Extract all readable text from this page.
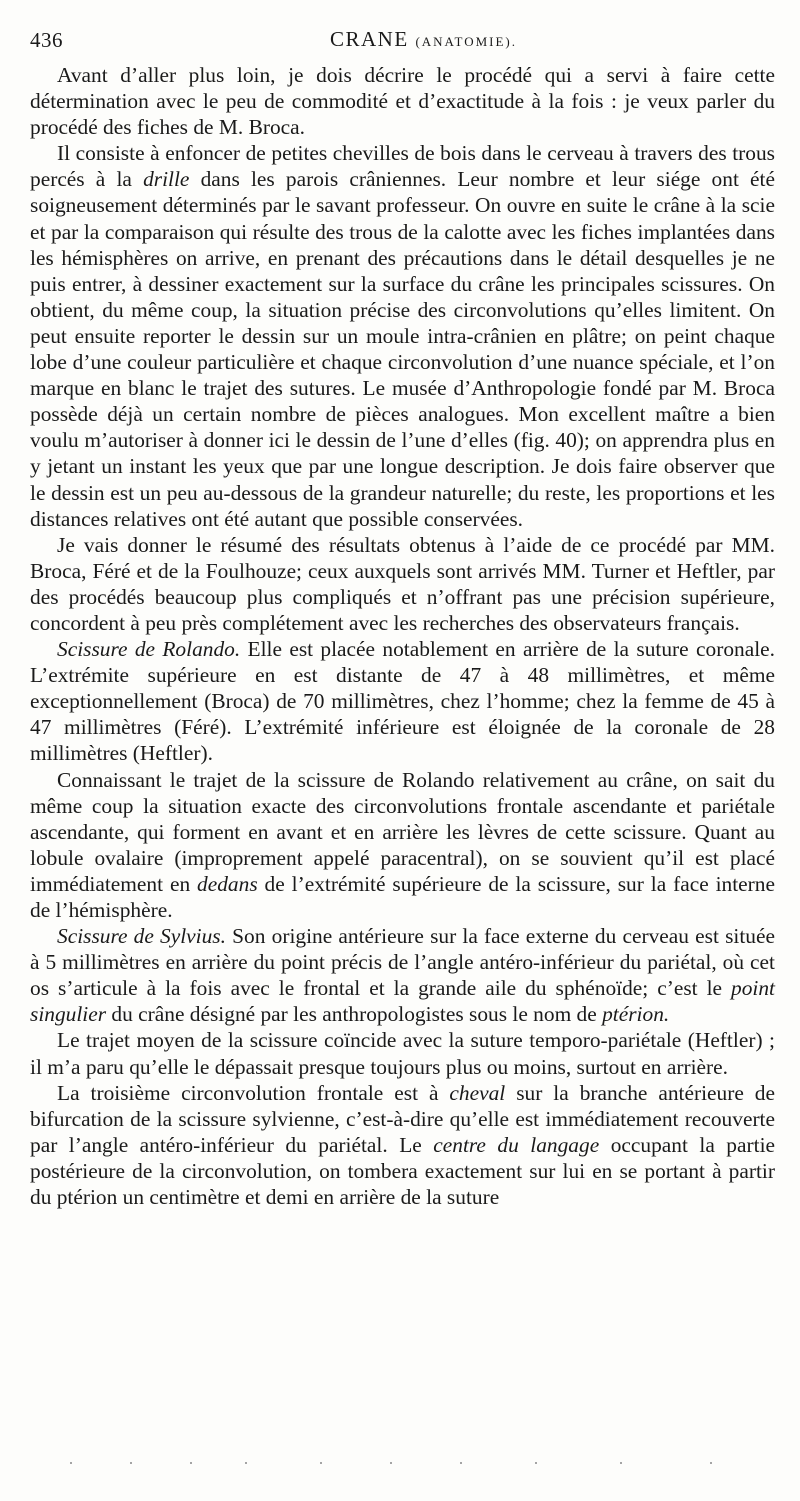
436	CRANE (ANATOMIE).

Avant d’aller plus loin, je dois décrire le procédé qui a servi à faire cette détermination avec le peu de commodité et d’exactitude à la fois : je veux parler du procédé des fiches de M. Broca.

Il consiste à enfoncer de petites chevilles de bois dans le cerveau à travers des trous percés à la drille dans les parois crâniennes. Leur nombre et leur siége ont été soigneusement déterminés par le savant professeur. On ouvre en suite le crâne à la scie et par la comparaison qui résulte des trous de la calotte avec les fiches implantées dans les hémisphères on arrive, en prenant des précautions dans le détail desquelles je ne puis entrer, à dessiner exactement sur la surface du crâne les principales scissures. On obtient, du même coup, la situation précise des circonvolutions qu’elles limitent. On peut ensuite reporter le dessin sur un moule intra-crânien en plâtre; on peint chaque lobe d’une couleur particulière et chaque circonvolution d’une nuance spéciale, et l’on marque en blanc le trajet des sutures. Le musée d’Anthropologie fondé par M. Broca possède déjà un certain nombre de pièces analogues. Mon excellent maître a bien voulu m’autoriser à donner ici le dessin de l’une d’elles (fig. 40); on apprendra plus en y jetant un instant les yeux que par une longue description. Je dois faire observer que le dessin est un peu au-dessous de la grandeur naturelle; du reste, les proportions et les distances relatives ont été autant que possible conservées.

Je vais donner le résumé des résultats obtenus à l’aide de ce procédé par MM. Broca, Féré et de la Foulhouze; ceux auxquels sont arrivés MM. Turner et Heftler, par des procédés beaucoup plus compliqués et n’offrant pas une précision supérieure, concordent à peu près complétement avec les recherches des observateurs français.

Scissure de Rolando. Elle est placée notablement en arrière de la suture coronale. L’extrémite supérieure en est distante de 47 à 48 millimètres, et même exceptionnellement (Broca) de 70 millimètres, chez l’homme; chez la femme de 45 à 47 millimètres (Féré). L’extrémité inférieure est éloignée de la coronale de 28 millimètres (Heftler).

Connaissant le trajet de la scissure de Rolando relativement au crâne, on sait du même coup la situation exacte des circonvolutions frontale ascendante et pariétale ascendante, qui forment en avant et en arrière les lèvres de cette scissure. Quant au lobule ovalaire (improprement appelé paracentral), on se souvient qu’il est placé immédiatement en dedans de l’extrémité supérieure de la scissure, sur la face interne de l’hémisphère.

Scissure de Sylvius. Son origine antérieure sur la face externe du cerveau est située à 5 millimètres en arrière du point précis de l’angle antéro-inférieur du pariétal, où cet os s’articule à la fois avec le frontal et la grande aile du sphénoïde; c’est le point singulier du crâne désigné par les anthropologistes sous le nom de ptérion.

Le trajet moyen de la scissure coïncide avec la suture temporo-pariétale (Heftler) ; il m’a paru qu’elle le dépassait presque toujours plus ou moins, surtout en arrière.

La troisième circonvolution frontale est à cheval sur la branche antérieure de bifurcation de la scissure sylvienne, c’est-à-dire qu’elle est immédiatement recouverte par l’angle antéro-inférieur du pariétal. Le centre du langage occupant la partie postérieure de la circonvolution, on tombera exactement sur lui en se portant à partir du ptérion un centimètre et demi en arrière de la suture
